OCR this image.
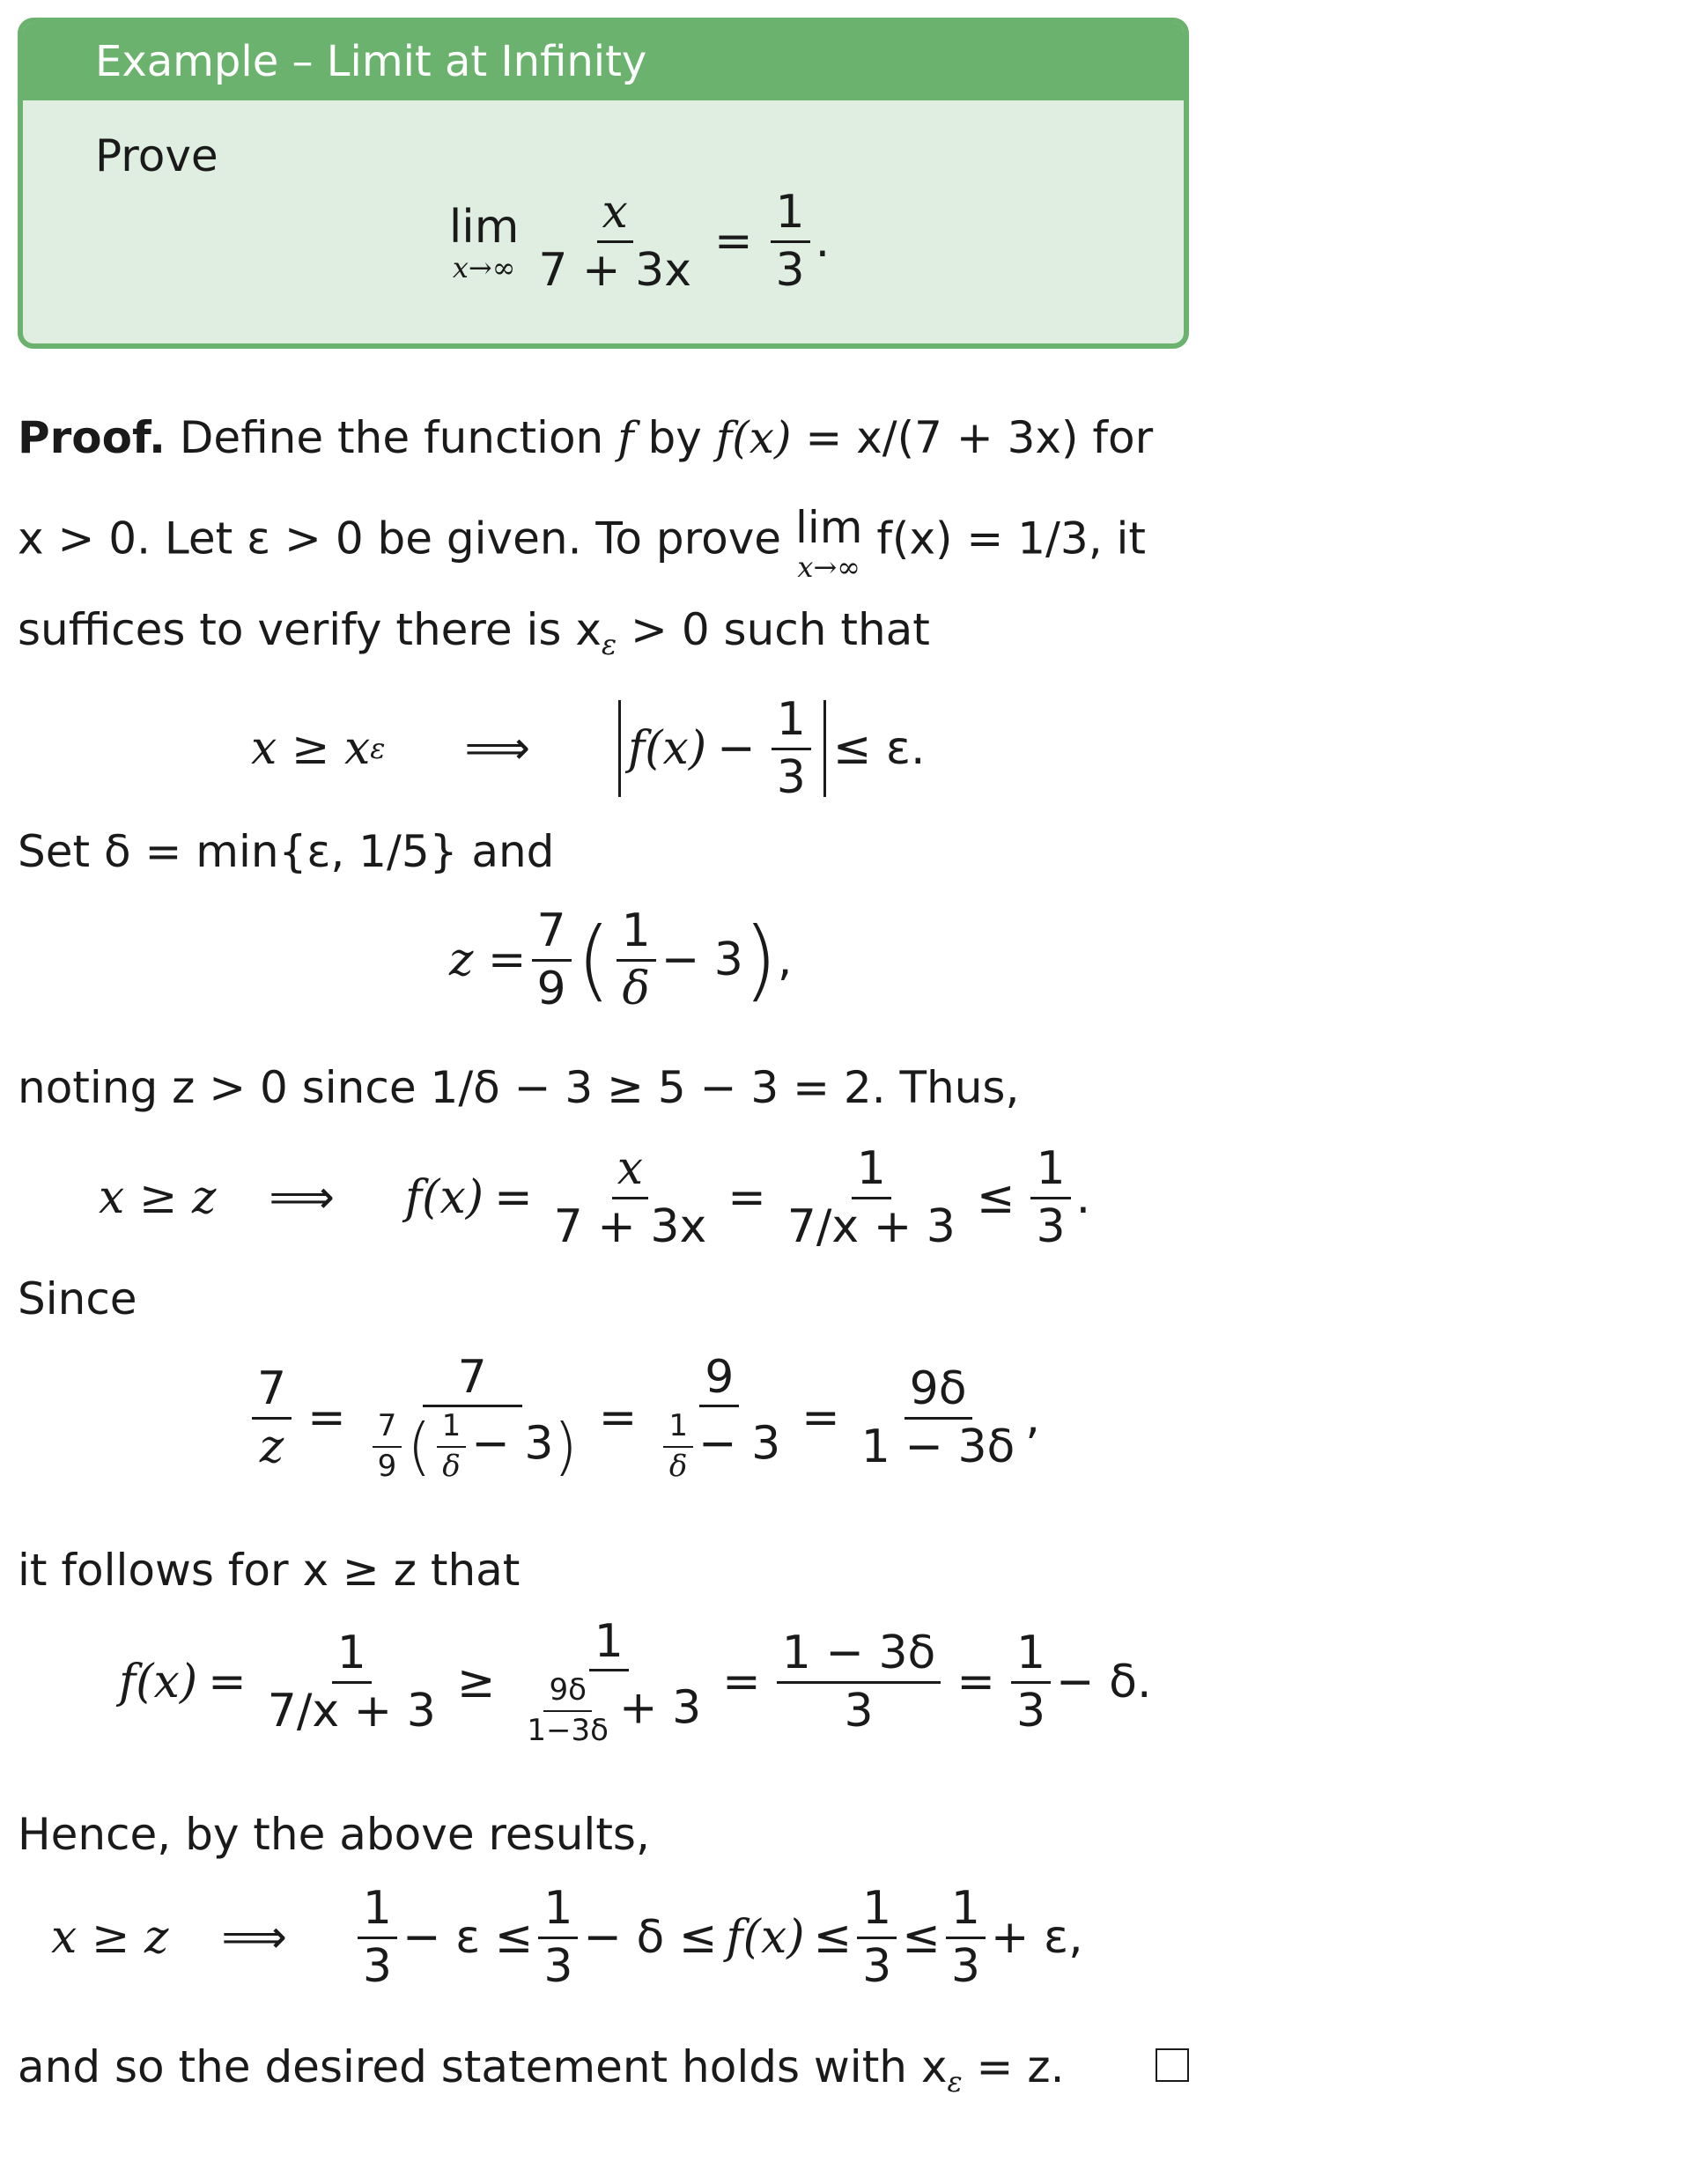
Example – Limit at Infinity
Prove
lim
$x\to\infty \frac{x}{7 + 3x} = \frac{1}{3}$ .
Proof. Define the function f by f(x) = x/(7 + 3x) for
x > 0. Let ε > 0 be given. To prove lim
x→∞
f(x) = 1/3, it
suffices to verify there is $x_\varepsilon > 0$ such that
x ≥ x ε ⟹ $f(x) - \frac{1}{3} \le \varepsilon$.
Set δ = min{ε, 1/5} and
$z = \frac{7}{9}$ ( $\frac{1}{\delta} - 3$ ) ,
noting z > 0 since 1/δ − 3 ≥ 5 − 3 = 2. Thus,
x ≥ z ⟹ $f(x) = \frac{x}{7 + 3x} = \frac{1}{7/x + 3} \le \frac{1}{3}$ .
Since
$\frac{7}{z} = \frac{7}{\frac{7}{9} ( \frac{1}{\delta} - 3)} = \frac{9}{\frac{1}{\delta} - 3} = \frac{9\delta}{1 - 3\delta}$ ,
it follows for x ≥ z that
$f(x) = \frac{1}{7/x + 3} \ge \frac{1}{\frac{9\delta}{1-3\delta} + 3} = \frac{1 - 3\delta}{3} = \frac{1}{3} - \delta$.
Hence, by the above results,
x ≥ z ⟹ $\frac{1}{3} - \varepsilon \le \frac{1}{3} - \delta \le f(x) \le \frac{1}{3} \le \frac{1}{3} + \varepsilon$,
and so the desired statement holds with $x_\varepsilon = z$.
